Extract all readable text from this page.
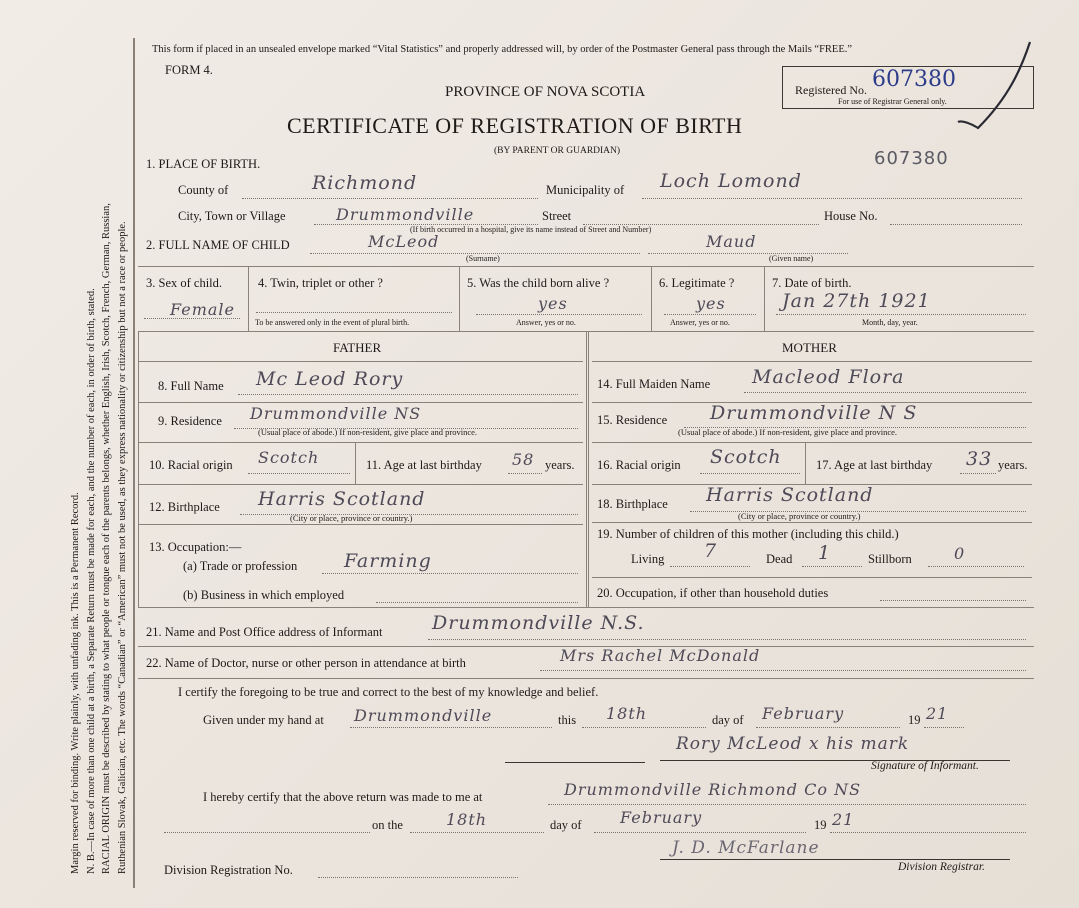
Margin reserved for binding. Write plainly, with unfading ink. This is a Permanent Record. N. B.—In case of more than one child at a birth, a Separate Return must be made for each, and the number of each, in order of birth, stated. RACIAL ORIGIN must be described by stating to what people or tongue each of the parents belongs, whether English, Irish, Scotch, French, German, Russian, Ruthenian Slovak, Galician, etc. The words “Canadian” or “American” must not be used, as they express nationality or citizenship but not a race or people.
This form if placed in an unsealed envelope marked “Vital Statistics” and properly addressed will, by order of the Postmaster General pass through the Mails “FREE.”
FORM 4.
PROVINCE OF NOVA SCOTIA
CERTIFICATE OF REGISTRATION OF BIRTH
(BY PARENT OR GUARDIAN)
Registered No. 607380
For use of Registrar General only.
607380
1. PLACE OF BIRTH.
County of	Richmond	Municipality of Loch Lomond
City, Town or Village	Drummondville	Street	House No.
(If birth occurred in a hospital, give its name instead of Street and Number)
2. FULL NAME OF CHILD	McLeod
(Surname)
Maud
(Given name)
3. Sex of child.
Female
4. Twin, triplet or other ?
To be answered only in the event of plural birth.
5. Was the child born alive ?
yes
Answer, yes or no.
6. Legitimate ?
yes
Answer, yes or no.
7. Date of birth.
Jan 27th 1921
Month, day, year.
FATHER	MOTHER
8. Full Name Mc Leod Rory
9. Residence Drummondville NS
(Usual place of abode.) If non-resident, give place and province.
10. Racial origin Scotch	11. Age at last birthday 58 years.
12. Birthplace Harris Scotland
(City or place, province or country.)
13. Occupation:—
(a) Trade or profession Farming
(b) Business in which employed
14. Full Maiden Name Macleod Flora
15. Residence Drummondville N S
(Usual place of abode.) If non-resident, give place and province.
16. Racial origin Scotch	17. Age at last birthday 33 years.
18. Birthplace Harris Scotland
(City or place, province or country.)
19. Number of children of this mother (including this child.)
Living 7	Dead 1	Stillborn	0
20. Occupation, if other than household duties
21. Name and Post Office address of Informant	Drummondville N.S.
22. Name of Doctor, nurse or other person in attendance at birth	Mrs Rachel McDonald
I certify the foregoing to be true and correct to the best of my knowledge and belief.
Given under my hand at Drummondville	this 18th	day of February	19 21
Rory McLeod x his mark
Signature of Informant.
I hereby certify that the above return was made to me at	Drummondville Richmond Co NS
on the	18th	day of February	19 21
J. D. McFarlane
Division Registration No.	Division Registrar.
